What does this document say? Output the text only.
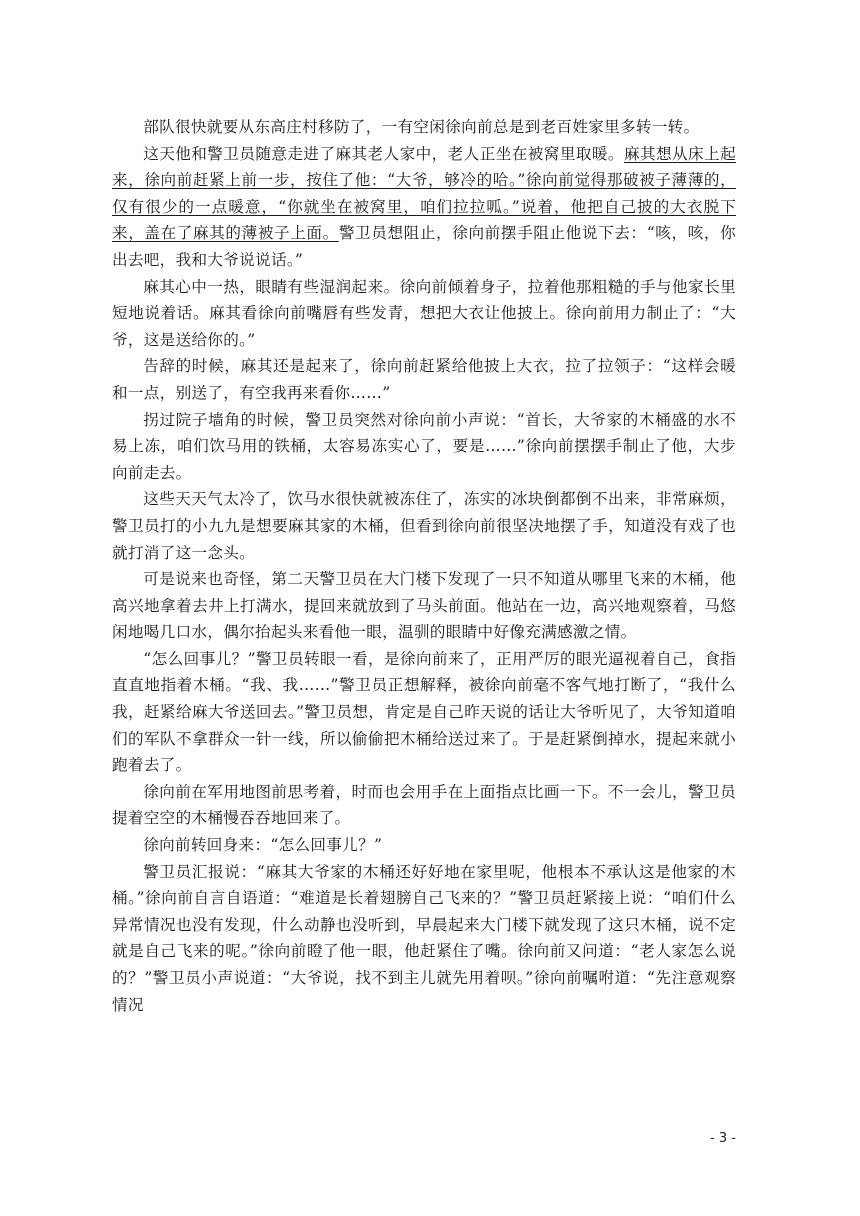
部队很快就要从东高庄村移防了，一有空闲徐向前总是到老百姓家里多转一转。

这天他和警卫员随意走进了麻其老人家中，老人正坐在被窝里取暖。麻其想从床上起来，徐向前赶紧上前一步，按住了他：“大爷，够冷的哈。”徐向前觉得那破被子薄薄的，仅有很少的一点暖意，“你就坐在被窝里，咱们拉拉呱。”说着，他把自己披的大衣脱下来，盖在了麻其的薄被子上面。警卫员想阻止，徐向前摆手阻止他说下去：“咳，咳，你出去吧，我和大爷说说话。”

麻其心中一热，眼睛有些湿润起来。徐向前倾着身子，拉着他那粗糙的手与他家长里短地说着话。麻其看徐向前嘴唇有些发青，想把大衣让他披上。徐向前用力制止了：“大爷，这是送给你的。”

告辞的时候，麻其还是起来了，徐向前赶紧给他披上大衣，拉了拉领子：“这样会暖和一点，别送了，有空我再来看你……”

拐过院子墙角的时候，警卫员突然对徐向前小声说：“首长，大爷家的木桶盛的水不易上冻，咱们饮马用的铁桶，太容易冻实心了，要是……”徐向前摆摆手制止了他，大步向前走去。

这些天天气太冷了，饮马水很快就被冻住了，冻实的冰块倒都倒不出来，非常麻烦，警卫员打的小九九是想要麻其家的木桶，但看到徐向前很坚决地摆了手，知道没有戏了也就打消了这一念头。

可是说来也奇怪，第二天警卫员在大门楼下发现了一只不知道从哪里飞来的木桶，他高兴地拿着去井上打满水，提回来就放到了马头前面。他站在一边，高兴地观察着，马悠闲地喝几口水，偶尔抬起头来看他一眼，温驯的眼睛中好像充满感激之情。

“怎么回事儿？”警卫员转眼一看，是徐向前来了，正用严厉的眼光逼视着自己，食指直直地指着木桶。“我、我……”警卫员正想解释，被徐向前毫不客气地打断了，“我什么我，赶紧给麻大爷送回去。”警卫员想，肯定是自己昨天说的话让大爷听见了，大爷知道咱们的军队不拿群众一针一线，所以偷偷把木桶给送过来了。于是赶紧倒掉水，提起来就小跑着去了。

徐向前在军用地图前思考着，时而也会用手在上面指点比画一下。不一会儿，警卫员提着空空的木桶慢吞吞地回来了。

徐向前转回身来：“怎么回事儿？”

警卫员汇报说：“麻其大爷家的木桶还好好地在家里呢，他根本不承认这是他家的木桶。”徐向前自言自语道：“难道是长着翅膀自己飞来的？”警卫员赶紧接上说：“咱们什么异常情况也没有发现，什么动静也没听到，早晨起来大门楼下就发现了这只木桶，说不定就是自己飞来的呢。”徐向前瞪了他一眼，他赶紧住了嘴。徐向前又问道：“老人家怎么说的？”警卫员小声说道：“大爷说，找不到主儿就先用着呗。”徐向前嘱咐道：“先注意观察情况

- 3 -
